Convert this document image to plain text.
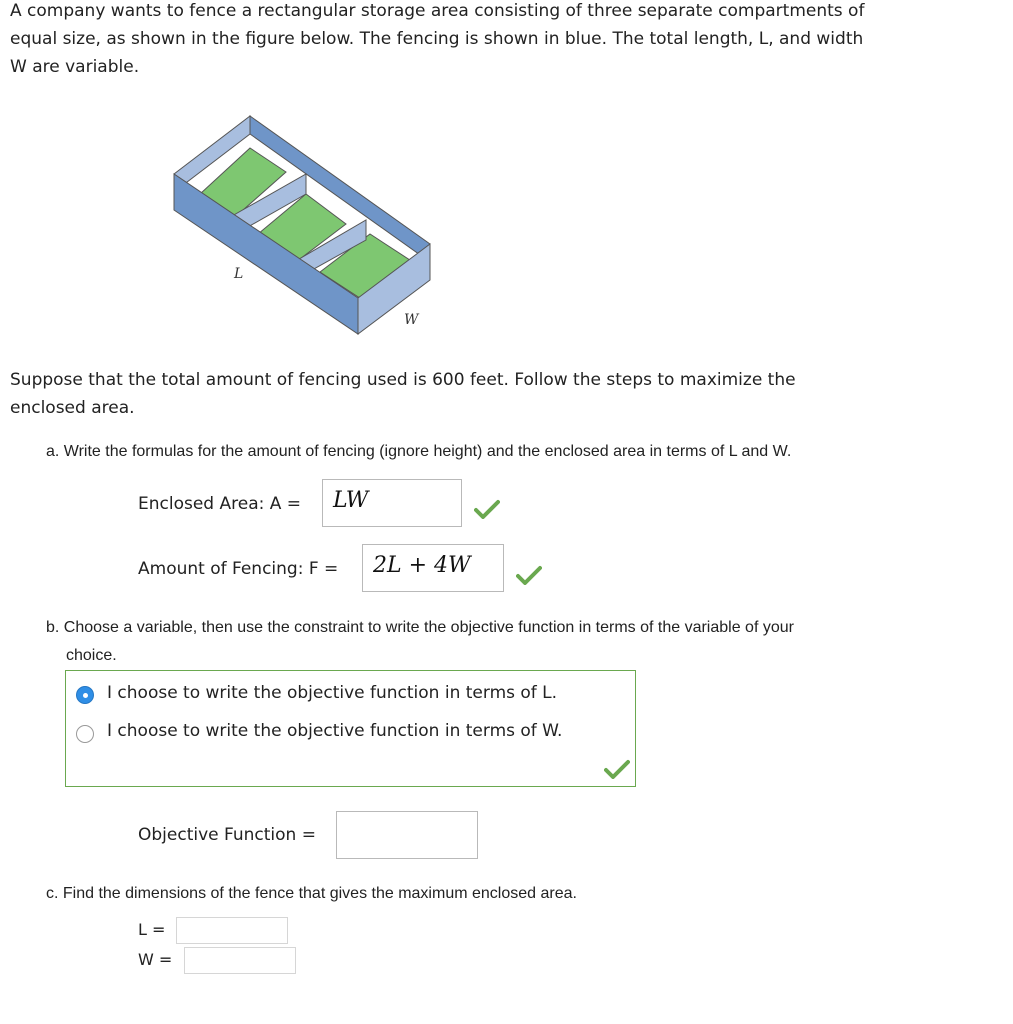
A company wants to fence a rectangular storage area consisting of three separate compartments of

equal size, as shown in the figure below. The fencing is shown in blue. The total length, L, and width

W are variable.

L
W
Suppose that the total amount of fencing used is 600 feet. Follow the steps to maximize the
enclosed area.
a. Write the formulas for the amount of fencing (ignore height) and the enclosed area in terms of L and W.
Enclosed Area: A =	LW
Amount of Fencing: F =	2L + 4W
b. Choose a variable, then use the constraint to write the objective function in terms of the variable of your
choice.
I choose to write the objective function in terms of L.
I choose to write the objective function in terms of W.
Objective Function =
c. Find the dimensions of the fence that gives the maximum enclosed area.
L =
W =
